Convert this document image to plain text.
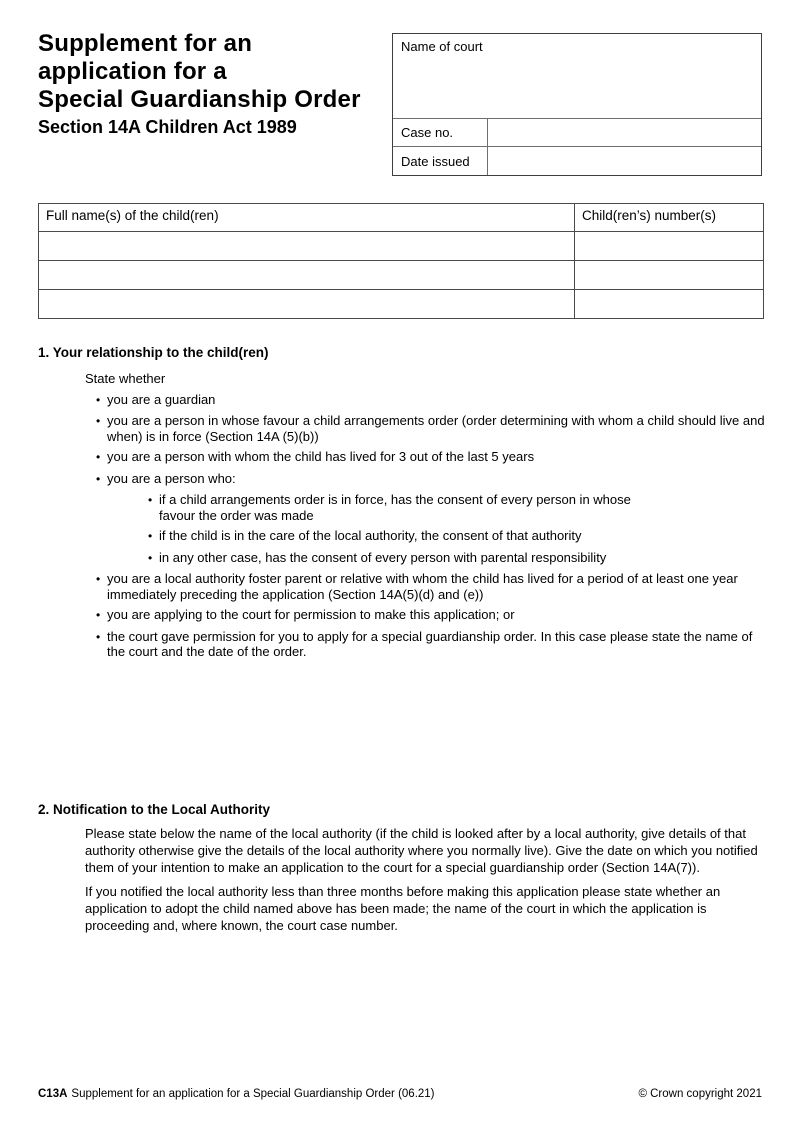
Supplement for an
application for a
Special Guardianship Order
Section 14A Children Act 1989
Name of court
Case no.
Date issued
Full name(s) of the child(ren)	Child(ren’s) number(s)

1. Your relationship to the child(ren)
State whether
•
you are a guardian
•
you are a person in whose favour a child arrangements order (order determining with whom a child should live and when) is in force (Section 14A (5)(b))
•
you are a person with whom the child has lived for 3 out of the last 5 years
•
you are a person who:
•
if a child arrangements order is in force, has the consent of every person in whose favour the order was made
•
if the child is in the care of the local authority, the consent of that authority
•
in any other case, has the consent of every person with parental responsibility
•
you are a local authority foster parent or relative with whom the child has lived for a period of at least one year immediately preceding the application (Section 14A(5)(d) and (e))
•
you are applying to the court for permission to make this application; or
•
the court gave permission for you to apply for a special guardianship order. In this case please state the name of the court and the date of the order.
2. Notification to the Local Authority
Please state below the name of the local authority (if the child is looked after by a local authority, give details of that authority otherwise give the details of the local authority where you normally live). Give the date on which you notified them of your intention to make an application to the court for a special guardianship order (Section 14A(7)).
If you notified the local authority less than three months before making this application please state whether an application to adopt the child named above has been made; the name of the court in which the application is proceeding and, where known, the court case number.
C13A Supplement for an application for a Special Guardianship Order (06.21)	© Crown copyright 2021
